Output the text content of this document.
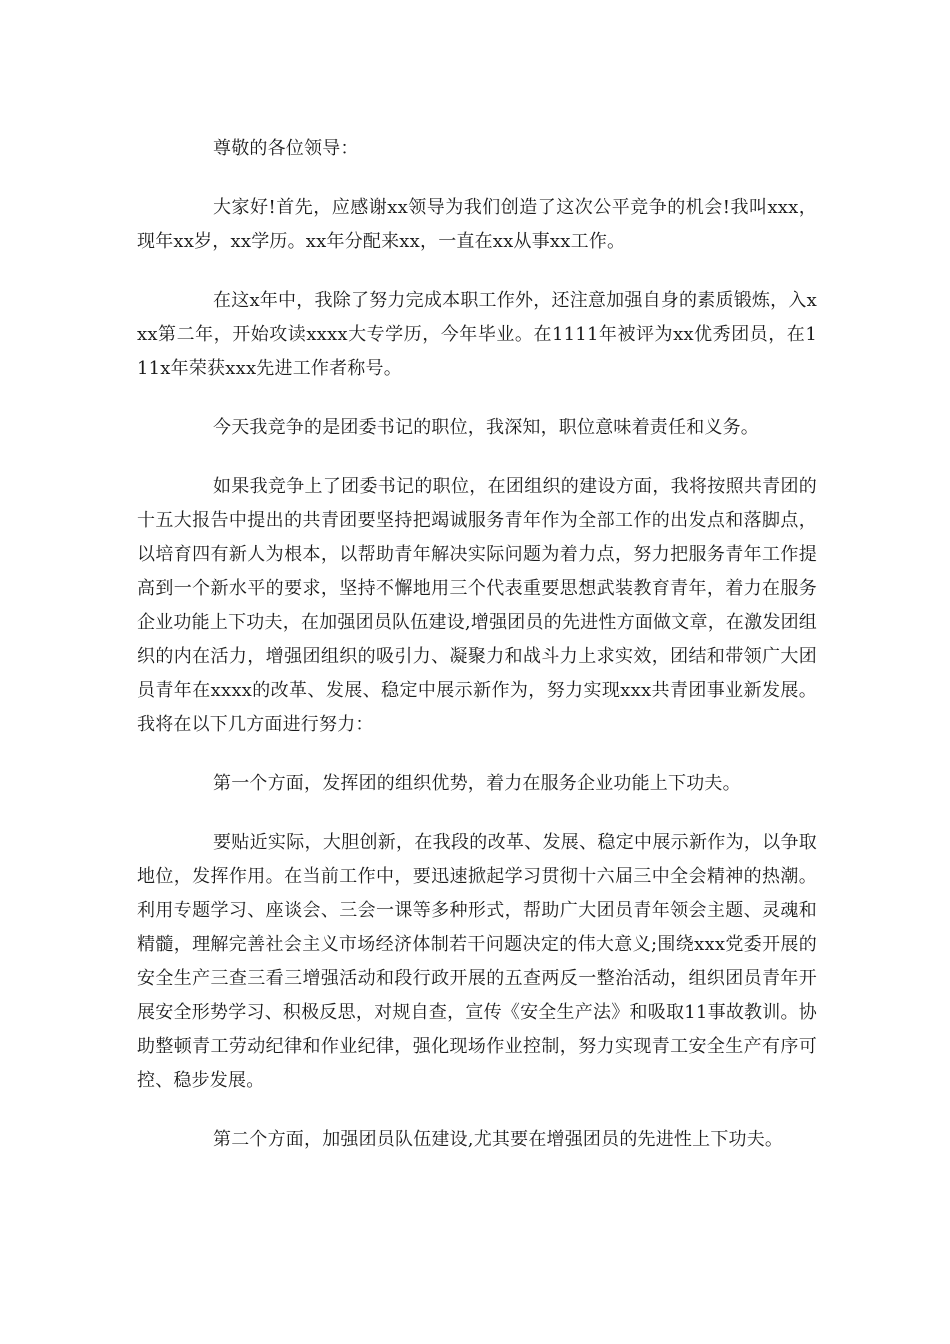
尊敬的各位领导：

大家好!首先，应感谢xx领导为我们创造了这次公平竞争的机会!我叫xxx，现年xx岁，xx学历。xx年分配来xx，一直在xx从事xx工作。

在这x年中，我除了努力完成本职工作外，还注意加强自身的素质锻炼，入xxx第二年，开始攻读xxxx大专学历，今年毕业。在1111年被评为xx优秀团员，在111x年荣获xxx先进工作者称号。

今天我竞争的是团委书记的职位，我深知，职位意味着责任和义务。

如果我竞争上了团委书记的职位，在团组织的建设方面，我将按照共青团的十五大报告中提出的共青团要坚持把竭诚服务青年作为全部工作的出发点和落脚点，以培育四有新人为根本，以帮助青年解决实际问题为着力点，努力把服务青年工作提高到一个新水平的要求，坚持不懈地用三个代表重要思想武装教育青年，着力在服务企业功能上下功夫，在加强团员队伍建设,增强团员的先进性方面做文章，在激发团组织的内在活力，增强团组织的吸引力、凝聚力和战斗力上求实效，团结和带领广大团员青年在xxxx的改革、发展、稳定中展示新作为，努力实现xxx共青团事业新发展。我将在以下几方面进行努力：

第一个方面，发挥团的组织优势，着力在服务企业功能上下功夫。

要贴近实际，大胆创新，在我段的改革、发展、稳定中展示新作为，以争取地位，发挥作用。在当前工作中，要迅速掀起学习贯彻十六届三中全会精神的热潮。利用专题学习、座谈会、三会一课等多种形式，帮助广大团员青年领会主题、灵魂和精髓，理解完善社会主义市场经济体制若干问题决定的伟大意义;围绕xxx党委开展的安全生产三查三看三增强活动和段行政开展的五查两反一整治活动，组织团员青年开展安全形势学习、积极反思，对规自查，宣传《安全生产法》和吸取11事故教训。协助整顿青工劳动纪律和作业纪律，强化现场作业控制，努力实现青工安全生产有序可控、稳步发展。

第二个方面，加强团员队伍建设,尤其要在增强团员的先进性上下功夫。
